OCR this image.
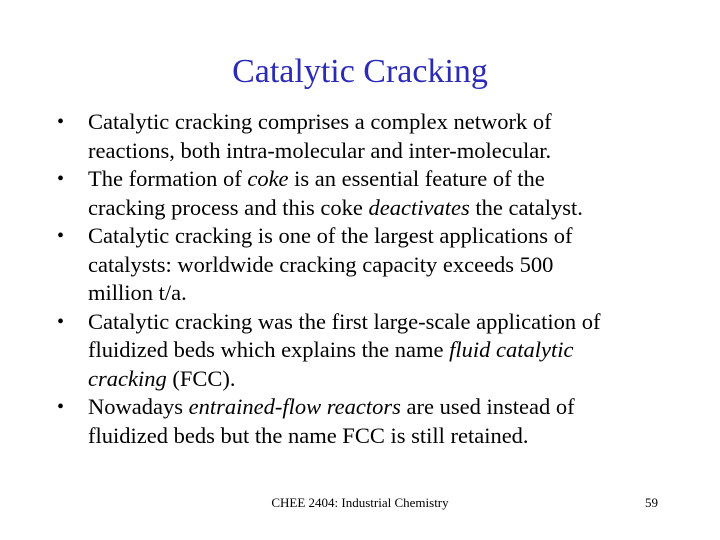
Catalytic Cracking
•	Catalytic cracking comprises a complex network of
reactions, both intra-molecular and inter-molecular.
•	The formation of coke is an essential feature of the
cracking process and this coke deactivates the catalyst.
•	Catalytic cracking is one of the largest applications of
catalysts: worldwide cracking capacity exceeds 500
million t/a.
•	Catalytic cracking was the first large-scale application of
fluidized beds which explains the name fluid catalytic
cracking (FCC).
•	Nowadays entrained-flow reactors are used instead of
fluidized beds but the name FCC is still retained.
CHEE 2404: Industrial Chemistry	59
